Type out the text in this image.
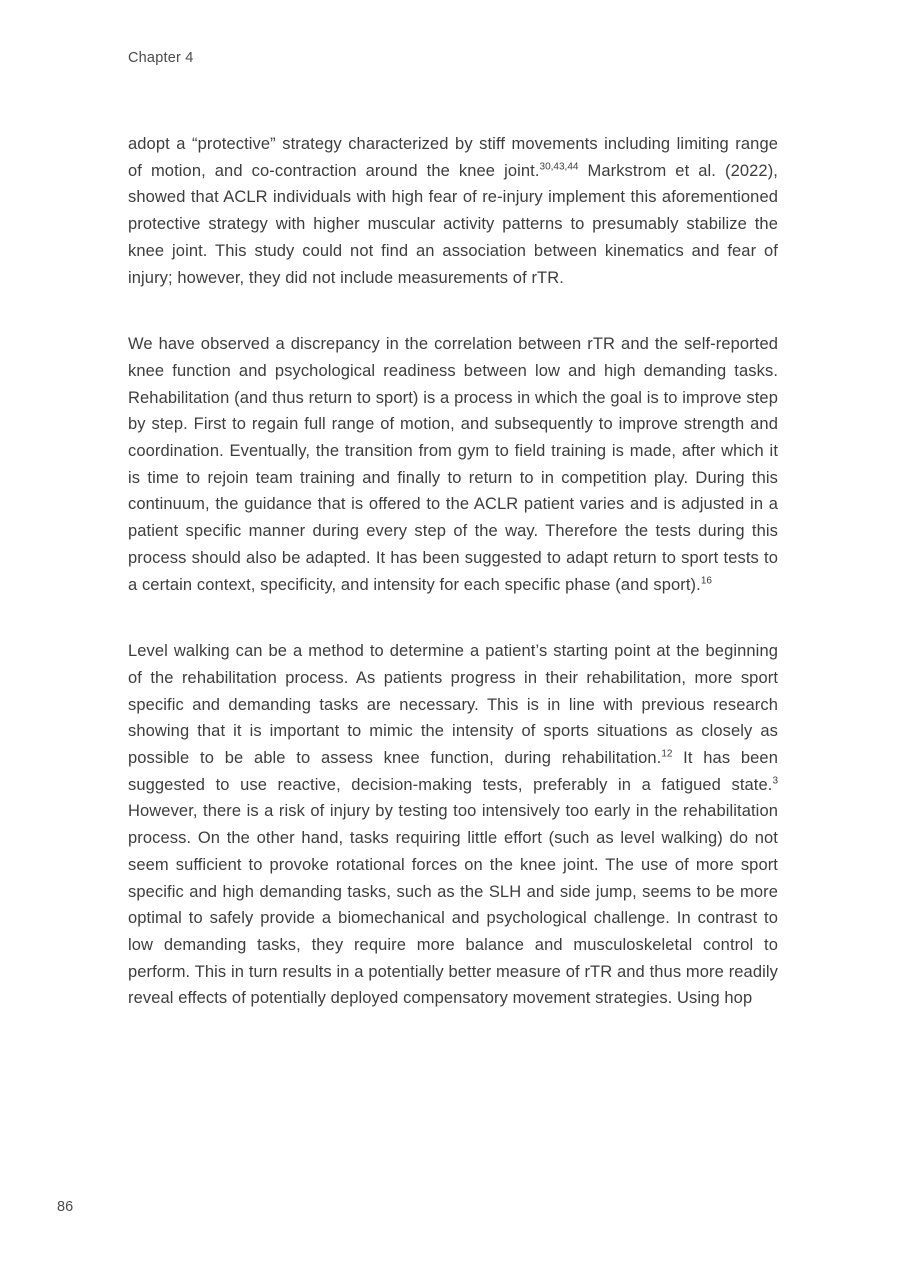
Chapter 4

adopt a “protective” strategy characterized by stiff movements including limiting range of motion, and co-contraction around the knee joint.$^{30,43,44}$ Markstrom et al. (2022), showed that ACLR individuals with high fear of re-injury implement this aforementioned protective strategy with higher muscular activity patterns to presumably stabilize the knee joint. This study could not find an association between kinematics and fear of injury; however, they did not include measurements of rTR.

We have observed a discrepancy in the correlation between rTR and the self-reported knee function and psychological readiness between low and high demanding tasks. Rehabilitation (and thus return to sport) is a process in which the goal is to improve step by step. First to regain full range of motion, and subsequently to improve strength and coordination. Eventually, the transition from gym to field training is made, after which it is time to rejoin team training and finally to return to in competition play. During this continuum, the guidance that is offered to the ACLR patient varies and is adjusted in a patient specific manner during every step of the way. Therefore the tests during this process should also be adapted. It has been suggested to adapt return to sport tests to a certain context, specificity, and intensity for each specific phase (and sport).$^{16}$

Level walking can be a method to determine a patient’s starting point at the beginning of the rehabilitation process. As patients progress in their rehabilitation, more sport specific and demanding tasks are necessary. This is in line with previous research showing that it is important to mimic the intensity of sports situations as closely as possible to be able to assess knee function, during rehabilitation.$^{12}$ It has been suggested to use reactive, decision-making tests, preferably in a fatigued state.$^3$ However, there is a risk of injury by testing too intensively too early in the rehabilitation process. On the other hand, tasks requiring little effort (such as level walking) do not seem sufficient to provoke rotational forces on the knee joint. The use of more sport specific and high demanding tasks, such as the SLH and side jump, seems to be more optimal to safely provide a biomechanical and psychological challenge. In contrast to low demanding tasks, they require more balance and musculoskeletal control to perform. This in turn results in a potentially better measure of rTR and thus more readily reveal effects of potentially deployed compensatory movement strategies. Using hop

86
